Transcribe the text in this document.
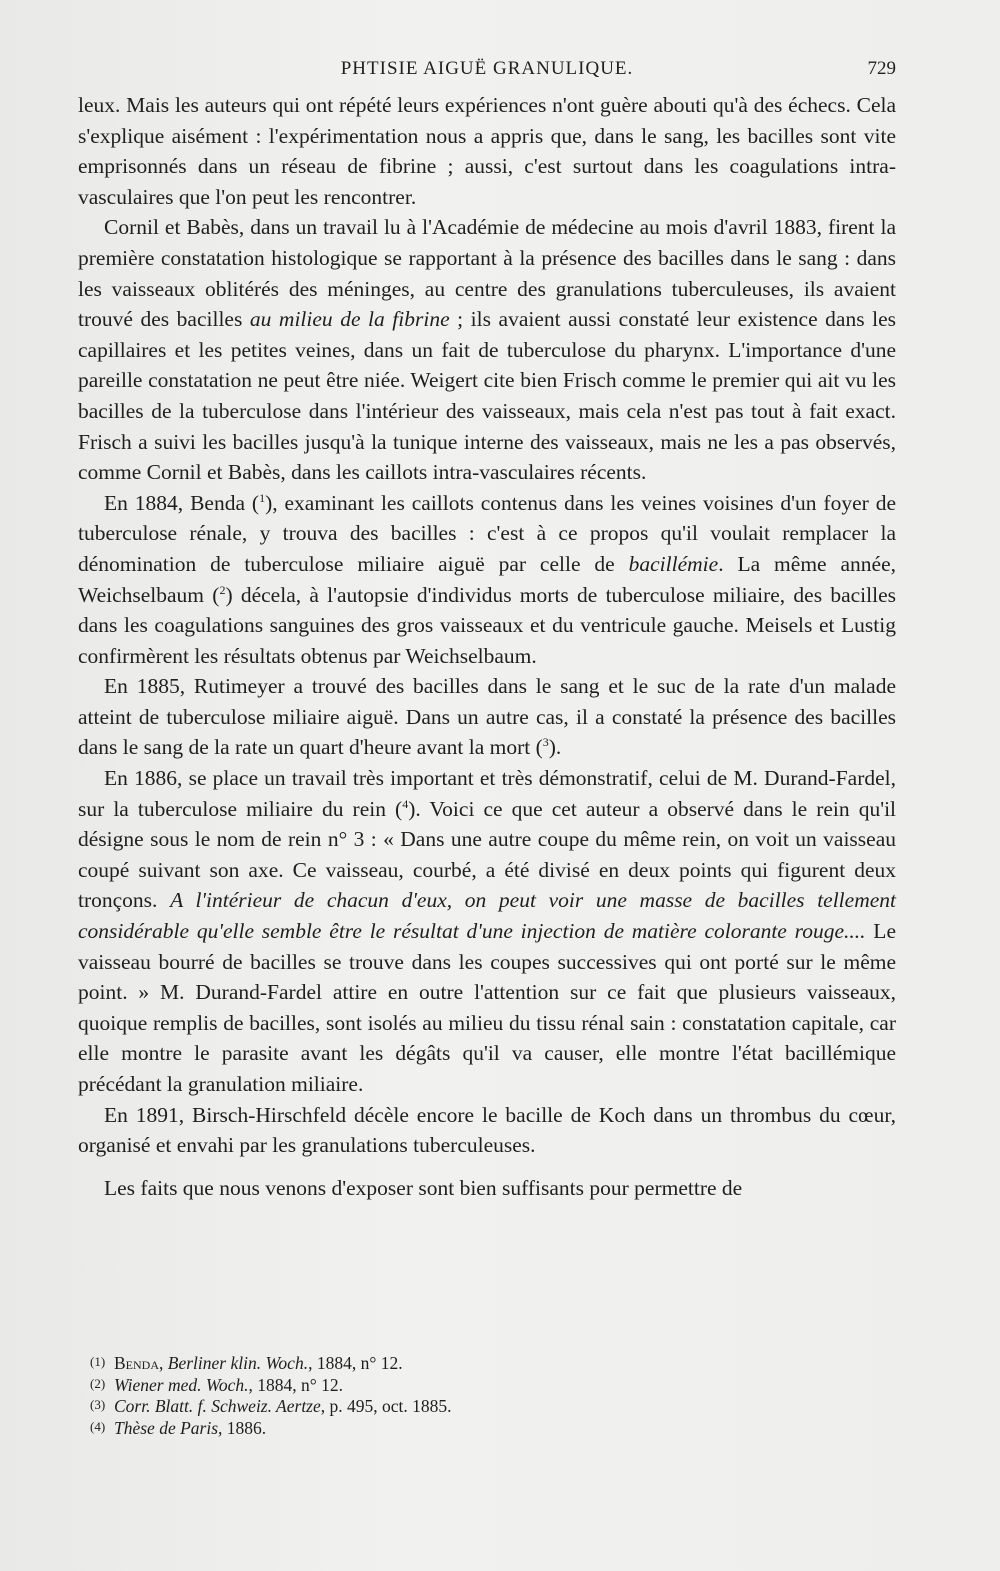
PHTISIE AIGUË GRANULIQUE.	729

leux. Mais les auteurs qui ont répété leurs expériences n'ont guère abouti qu'à des échecs. Cela s'explique aisément : l'expérimentation nous a appris que, dans le sang, les bacilles sont vite emprisonnés dans un réseau de fibrine ; aussi, c'est surtout dans les coagulations intra-vasculaires que l'on peut les rencontrer.

Cornil et Babès, dans un travail lu à l'Académie de médecine au mois d'avril 1883, firent la première constatation histologique se rapportant à la présence des bacilles dans le sang : dans les vaisseaux oblitérés des méninges, au centre des granulations tuberculeuses, ils avaient trouvé des bacilles au milieu de la fibrine ; ils avaient aussi constaté leur existence dans les capillaires et les petites veines, dans un fait de tuberculose du pharynx. L'importance d'une pareille constatation ne peut être niée. Weigert cite bien Frisch comme le premier qui ait vu les bacilles de la tuberculose dans l'intérieur des vaisseaux, mais cela n'est pas tout à fait exact. Frisch a suivi les bacilles jusqu'à la tunique interne des vaisseaux, mais ne les a pas observés, comme Cornil et Babès, dans les caillots intra-vasculaires récents.

En 1884, Benda ($^1$), examinant les caillots contenus dans les veines voisines d'un foyer de tuberculose rénale, y trouva des bacilles : c'est à ce propos qu'il voulait remplacer la dénomination de tuberculose miliaire aiguë par celle de bacillémie. La même année, Weichselbaum ($^2$) décela, à l'autopsie d'individus morts de tuberculose miliaire, des bacilles dans les coagulations sanguines des gros vaisseaux et du ventricule gauche. Meisels et Lustig confirmèrent les résultats obtenus par Weichselbaum.

En 1885, Rutimeyer a trouvé des bacilles dans le sang et le suc de la rate d'un malade atteint de tuberculose miliaire aiguë. Dans un autre cas, il a constaté la présence des bacilles dans le sang de la rate un quart d'heure avant la mort ($^3$).

En 1886, se place un travail très important et très démonstratif, celui de M. Durand-Fardel, sur la tuberculose miliaire du rein ($^4$). Voici ce que cet auteur a observé dans le rein qu'il désigne sous le nom de rein n° 3 : « Dans une autre coupe du même rein, on voit un vaisseau coupé suivant son axe. Ce vaisseau, courbé, a été divisé en deux points qui figurent deux tronçons. A l'intérieur de chacun d'eux, on peut voir une masse de bacilles tellement considérable qu'elle semble être le résultat d'une injection de matière colorante rouge.... Le vaisseau bourré de bacilles se trouve dans les coupes successives qui ont porté sur le même point. » M. Durand-Fardel attire en outre l'attention sur ce fait que plusieurs vaisseaux, quoique remplis de bacilles, sont isolés au milieu du tissu rénal sain : constatation capitale, car elle montre le parasite avant les dégâts qu'il va causer, elle montre l'état bacillémique précédant la granulation miliaire.

En 1891, Birsch-Hirschfeld décèle encore le bacille de Koch dans un thrombus du cœur, organisé et envahi par les granulations tuberculeuses.

Les faits que nous venons d'exposer sont bien suffisants pour permettre de

(1) Benda, Berliner klin. Woch., 1884, n° 12.
(2) Wiener med. Woch., 1884, n° 12.
(3) Corr. Blatt. f. Schweiz. Aertze, p. 495, oct. 1885.
(4) Thèse de Paris, 1886.
